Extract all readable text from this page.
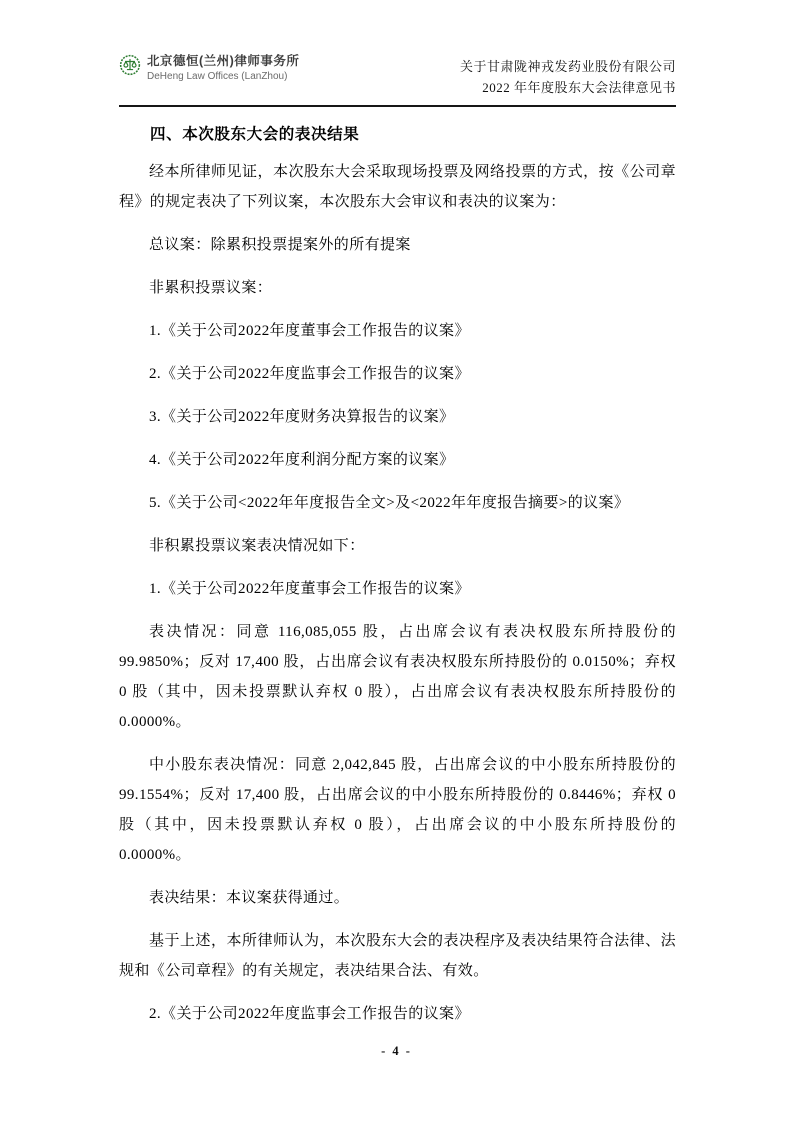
北京德恒(兰州)律师事务所
DeHeng Law Offices (LanZhou)
关于甘肃陇神戎发药业股份有限公司
2022 年年度股东大会法律意见书
四、本次股东大会的表决结果

经本所律师见证，本次股东大会采取现场投票及网络投票的方式，按《公司章程》的规定表决了下列议案，本次股东大会审议和表决的议案为：

总议案：除累积投票提案外的所有提案

非累积投票议案：

1.《关于公司2022年度董事会工作报告的议案》

2.《关于公司2022年度监事会工作报告的议案》

3.《关于公司2022年度财务决算报告的议案》

4.《关于公司2022年度利润分配方案的议案》

5.《关于公司<2022年年度报告全文>及<2022年年度报告摘要>的议案》

非积累投票议案表决情况如下：

1.《关于公司2022年度董事会工作报告的议案》

表决情况：同意 116,085,055 股，占出席会议有表决权股东所持股份的 99.9850%；反对 17,400 股，占出席会议有表决权股东所持股份的 0.0150%；弃权 0 股（其中，因未投票默认弃权 0 股），占出席会议有表决权股东所持股份的 0.0000%。

中小股东表决情况：同意 2,042,845 股，占出席会议的中小股东所持股份的 99.1554%；反对 17,400 股，占出席会议的中小股东所持股份的 0.8446%；弃权 0 股（其中，因未投票默认弃权 0 股），占出席会议的中小股东所持股份的 0.0000%。

表决结果：本议案获得通过。

基于上述，本所律师认为，本次股东大会的表决程序及表决结果符合法律、法规和《公司章程》的有关规定，表决结果合法、有效。

2.《关于公司2022年度监事会工作报告的议案》

- 4 -
